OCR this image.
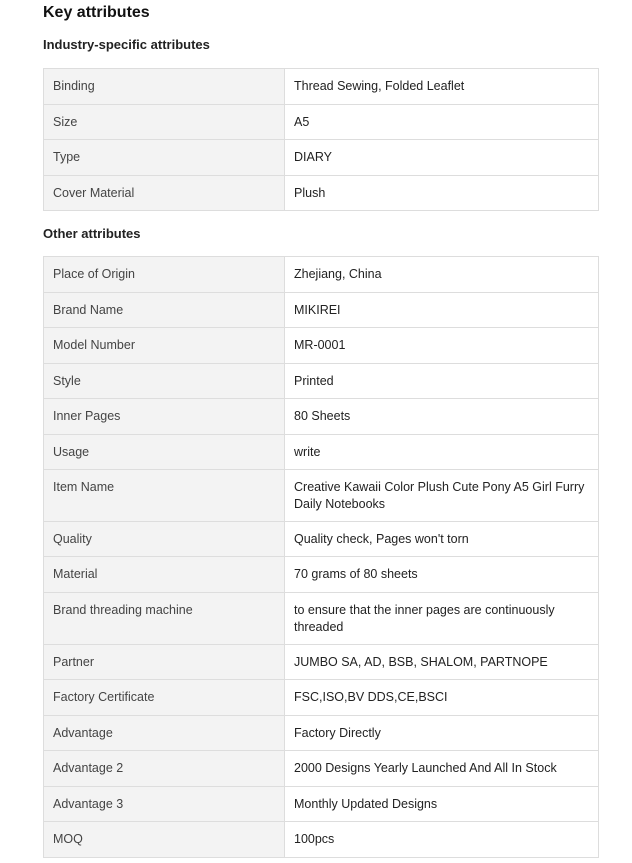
Key attributes
Industry-specific attributes
Binding	Thread Sewing, Folded Leaflet
Size	A5
Type	DIARY
Cover Material	Plush
Other attributes
Place of Origin	Zhejiang, China
Brand Name	MIKIREI
Model Number	MR-0001
Style	Printed
Inner Pages	80 Sheets
Usage	write
Item Name	Creative Kawaii Color Plush Cute Pony A5 Girl Furry Daily Notebooks
Quality	Quality check, Pages won't torn
Material	70 grams of 80 sheets
Brand threading machine	to ensure that the inner pages are continuously threaded
Partner	JUMBO SA, AD, BSB, SHALOM, PARTNOPE
Factory Certificate	FSC,ISO,BV DDS,CE,BSCI
Advantage	Factory Directly
Advantage 2	2000 Designs Yearly Launched And All In Stock
Advantage 3	Monthly Updated Designs
MOQ	100pcs
